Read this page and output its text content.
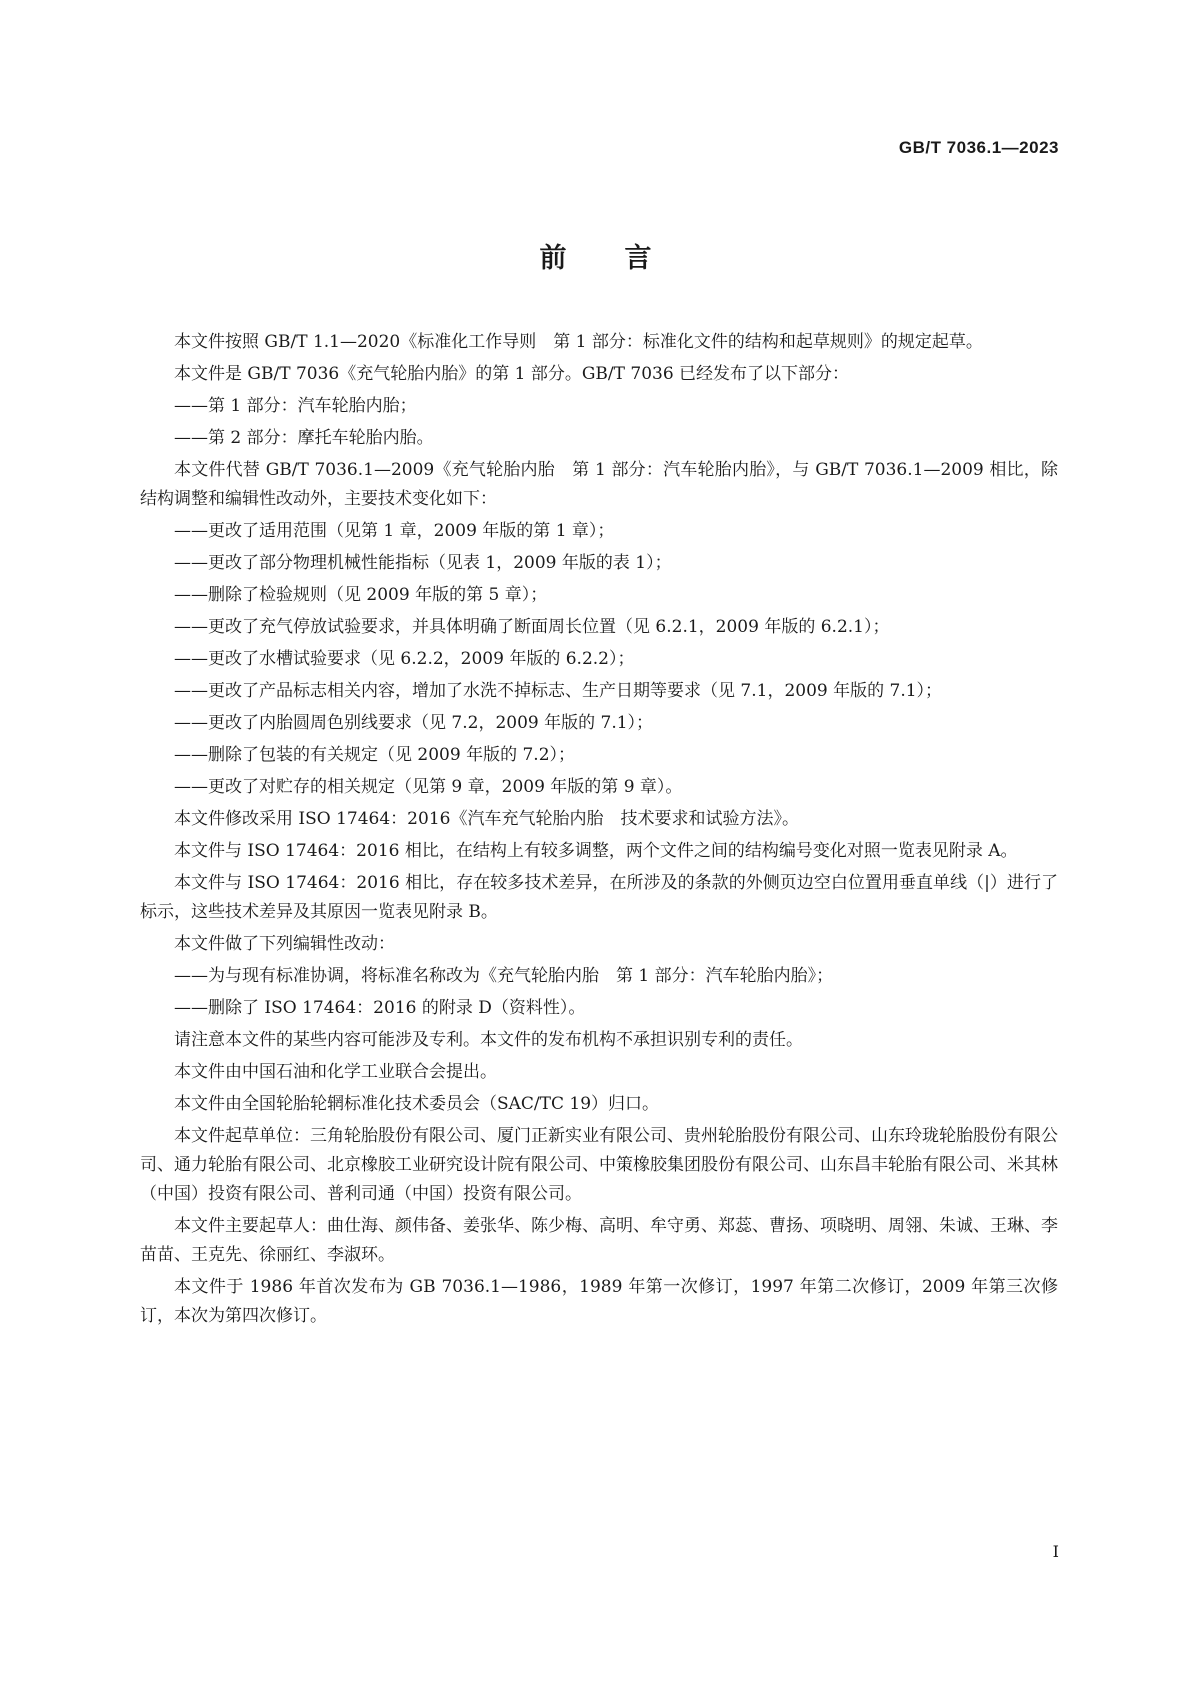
GB/T 7036.1—2023
前 言

本文件按照 GB/T 1.1—2020《标准化工作导则　第 1 部分：标准化文件的结构和起草规则》的规定起草。

本文件是 GB/T 7036《充气轮胎内胎》的第 1 部分。GB/T 7036 已经发布了以下部分：

——第 1 部分：汽车轮胎内胎；

——第 2 部分：摩托车轮胎内胎。

本文件代替 GB/T 7036.1—2009《充气轮胎内胎　第 1 部分：汽车轮胎内胎》，与 GB/T 7036.1—2009 相比，除结构调整和编辑性改动外，主要技术变化如下：

——更改了适用范围（见第 1 章，2009 年版的第 1 章）；

——更改了部分物理机械性能指标（见表 1，2009 年版的表 1）；

——删除了检验规则（见 2009 年版的第 5 章）；

——更改了充气停放试验要求，并具体明确了断面周长位置（见 6.2.1，2009 年版的 6.2.1）；

——更改了水槽试验要求（见 6.2.2，2009 年版的 6.2.2）；

——更改了产品标志相关内容，增加了水洗不掉标志、生产日期等要求（见 7.1，2009 年版的 7.1）；

——更改了内胎圆周色别线要求（见 7.2，2009 年版的 7.1）；

——删除了包装的有关规定（见 2009 年版的 7.2）；

——更改了对贮存的相关规定（见第 9 章，2009 年版的第 9 章）。

本文件修改采用 ISO 17464：2016《汽车充气轮胎内胎　技术要求和试验方法》。

本文件与 ISO 17464：2016 相比，在结构上有较多调整，两个文件之间的结构编号变化对照一览表见附录 A。

本文件与 ISO 17464：2016 相比，存在较多技术差异，在所涉及的条款的外侧页边空白位置用垂直单线（|）进行了标示，这些技术差异及其原因一览表见附录 B。

本文件做了下列编辑性改动：

——为与现有标准协调，将标准名称改为《充气轮胎内胎　第 1 部分：汽车轮胎内胎》；

——删除了 ISO 17464：2016 的附录 D（资料性）。

请注意本文件的某些内容可能涉及专利。本文件的发布机构不承担识别专利的责任。

本文件由中国石油和化学工业联合会提出。

本文件由全国轮胎轮辋标准化技术委员会（SAC/TC 19）归口。

本文件起草单位：三角轮胎股份有限公司、厦门正新实业有限公司、贵州轮胎股份有限公司、山东玲珑轮胎股份有限公司、通力轮胎有限公司、北京橡胶工业研究设计院有限公司、中策橡胶集团股份有限公司、山东昌丰轮胎有限公司、米其林（中国）投资有限公司、普利司通（中国）投资有限公司。

本文件主要起草人：曲仕海、颜伟备、姜张华、陈少梅、高明、牟守勇、郑蕊、曹扬、项晓明、周翎、朱诚、王琳、李苗苗、王克先、徐丽红、李淑环。

本文件于 1986 年首次发布为 GB 7036.1—1986，1989 年第一次修订，1997 年第二次修订，2009 年第三次修订，本次为第四次修订。

I
